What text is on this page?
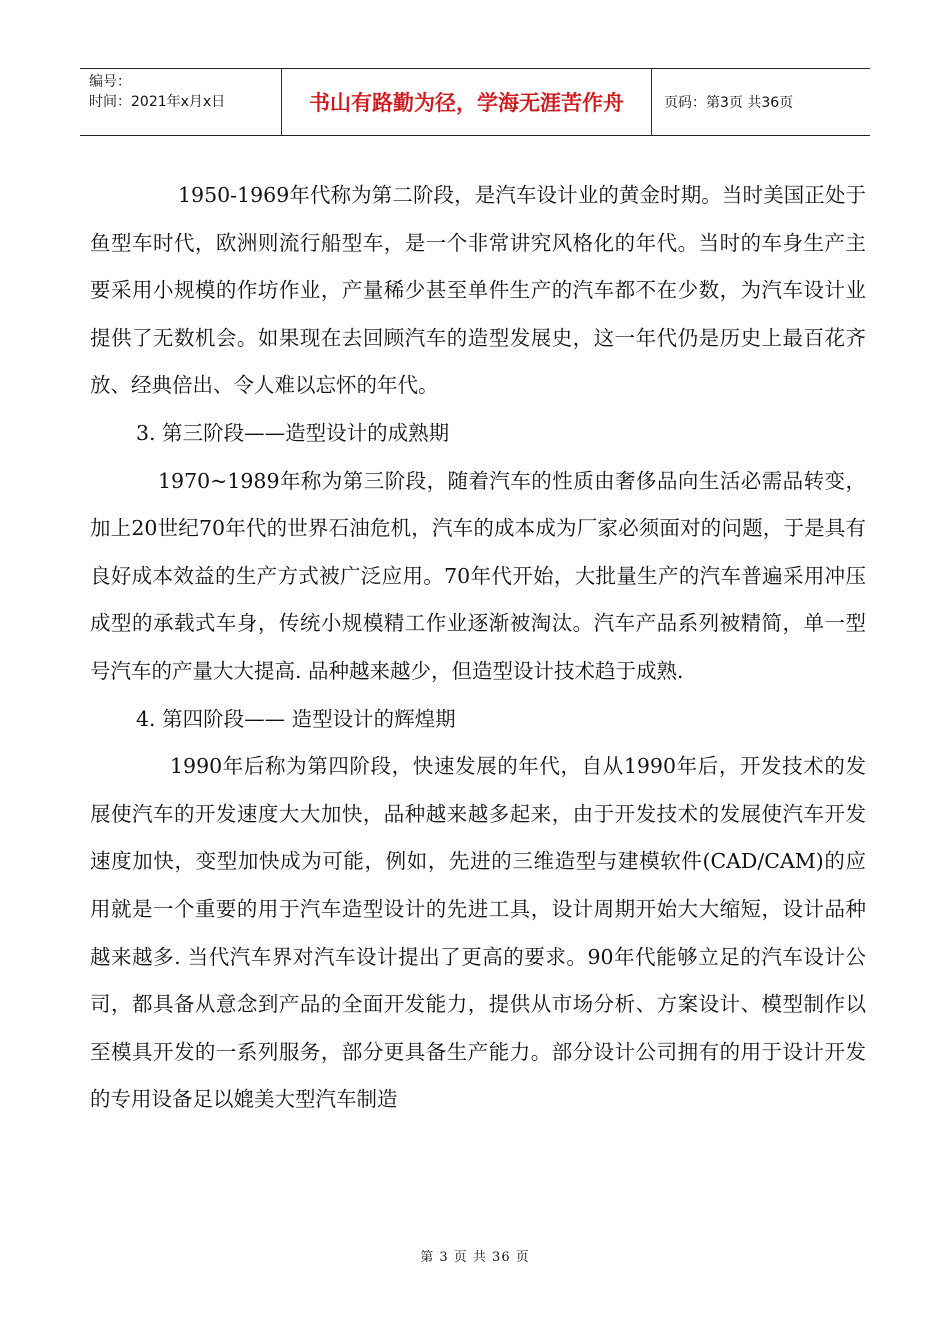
编号：
时间：2021年x月x日	书山有路勤为径，学海无涯苦作舟	页码：第3页 共36页

1950-1969年代称为第二阶段，是汽车设计业的黄金时期。当时美国正处于鱼型车时代，欧洲则流行船型车，是一个非常讲究风格化的年代。当时的车身生产主要采用小规模的作坊作业，产量稀少甚至单件生产的汽车都不在少数，为汽车设计业提供了无数机会。如果现在去回顾汽车的造型发展史，这一年代仍是历史上最百花齐放、经典倍出、令人难以忘怀的年代。

3. 第三阶段——造型设计的成熟期

1970~1989年称为第三阶段，随着汽车的性质由奢侈品向生活必需品转变，加上20世纪70年代的世界石油危机，汽车的成本成为厂家必须面对的问题，于是具有良好成本效益的生产方式被广泛应用。70年代开始，大批量生产的汽车普遍采用冲压成型的承载式车身，传统小规模精工作业逐渐被淘汰。汽车产品系列被精简，单一型号汽车的产量大大提高. 品种越来越少，但造型设计技术趋于成熟.

4. 第四阶段—— 造型设计的辉煌期

1990年后称为第四阶段，快速发展的年代，自从1990年后，开发技术的发展使汽车的开发速度大大加快，品种越来越多起来，由于开发技术的发展使汽车开发速度加快，变型加快成为可能，例如，先进的三维造型与建模软件(CAD/CAM)的应用就是一个重要的用于汽车造型设计的先进工具，设计周期开始大大缩短，设计品种越来越多. 当代汽车界对汽车设计提出了更高的要求。90年代能够立足的汽车设计公司，都具备从意念到产品的全面开发能力，提供从市场分析、方案设计、模型制作以至模具开发的一系列服务，部分更具备生产能力。部分设计公司拥有的用于设计开发的专用设备足以媲美大型汽车制造

第 3 页 共 36 页
